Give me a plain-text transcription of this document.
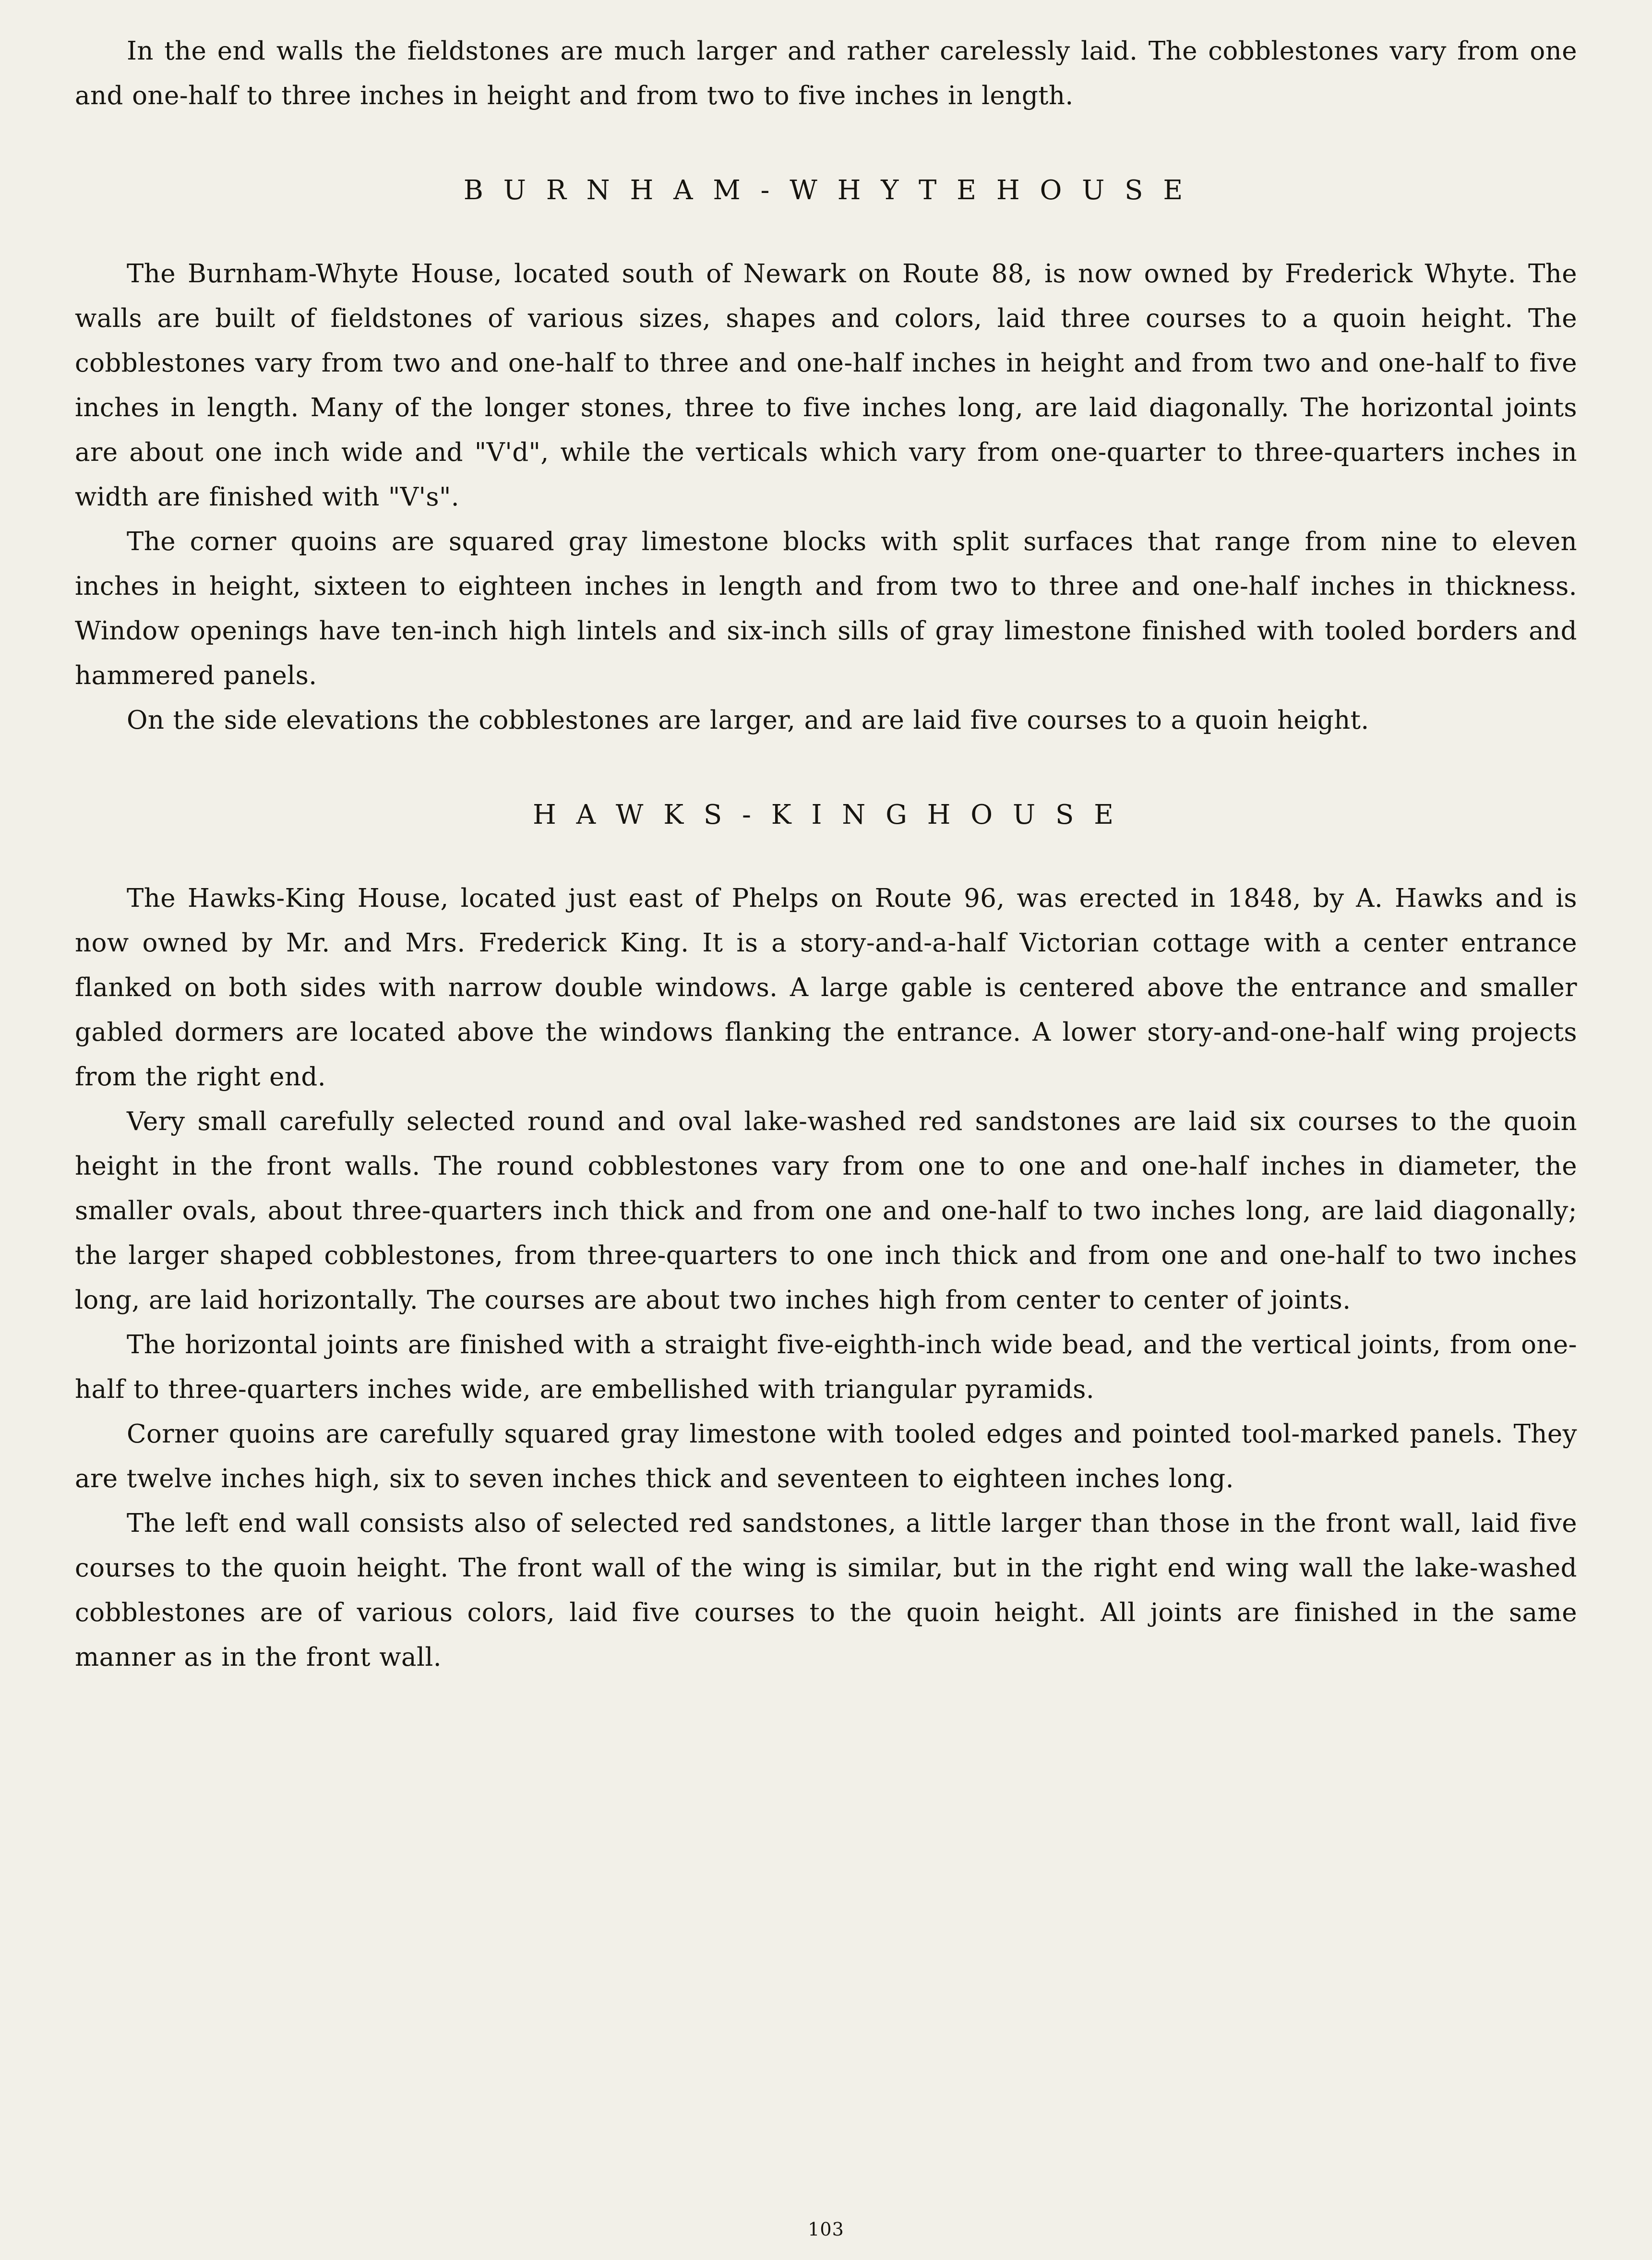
In the end walls the fieldstones are much larger and rather carelessly laid. The cobblestones vary from one and one-half to three inches in height and from two to five inches in length.

B U R N H A M - W H Y T E H O U S E

The Burnham-Whyte House, located south of Newark on Route 88, is now owned by Frederick Whyte. The walls are built of fieldstones of various sizes, shapes and colors, laid three courses to a quoin height. The cobblestones vary from two and one-half to three and one-half inches in height and from two and one-half to five inches in length. Many of the longer stones, three to five inches long, are laid diagonally. The horizontal joints are about one inch wide and "V'd", while the verticals which vary from one-quarter to three-quarters inches in width are finished with "V's".

The corner quoins are squared gray limestone blocks with split surfaces that range from nine to eleven inches in height, sixteen to eighteen inches in length and from two to three and one-half inches in thickness. Window openings have ten-inch high lintels and six-inch sills of gray limestone finished with tooled borders and hammered panels.

On the side elevations the cobblestones are larger, and are laid five courses to a quoin height.

H A W K S - K I N G H O U S E

The Hawks-King House, located just east of Phelps on Route 96, was erected in 1848, by A. Hawks and is now owned by Mr. and Mrs. Frederick King. It is a story-and-a-half Victorian cottage with a center entrance flanked on both sides with narrow double windows. A large gable is centered above the entrance and smaller gabled dormers are located above the windows flanking the entrance. A lower story-and-one-half wing projects from the right end.

Very small carefully selected round and oval lake-washed red sandstones are laid six courses to the quoin height in the front walls. The round cobblestones vary from one to one and one-half inches in diameter, the smaller ovals, about three-quarters inch thick and from one and one-half to two inches long, are laid diagonally; the larger shaped cobblestones, from three-quarters to one inch thick and from one and one-half to two inches long, are laid horizontally. The courses are about two inches high from center to center of joints.

The horizontal joints are finished with a straight five-eighth-inch wide bead, and the vertical joints, from one-half to three-quarters inches wide, are embellished with triangular pyramids.

Corner quoins are carefully squared gray limestone with tooled edges and pointed tool-marked panels. They are twelve inches high, six to seven inches thick and seventeen to eighteen inches long.

The left end wall consists also of selected red sandstones, a little larger than those in the front wall, laid five courses to the quoin height. The front wall of the wing is similar, but in the right end wing wall the lake-washed cobblestones are of various colors, laid five courses to the quoin height. All joints are finished in the same manner as in the front wall.

103
